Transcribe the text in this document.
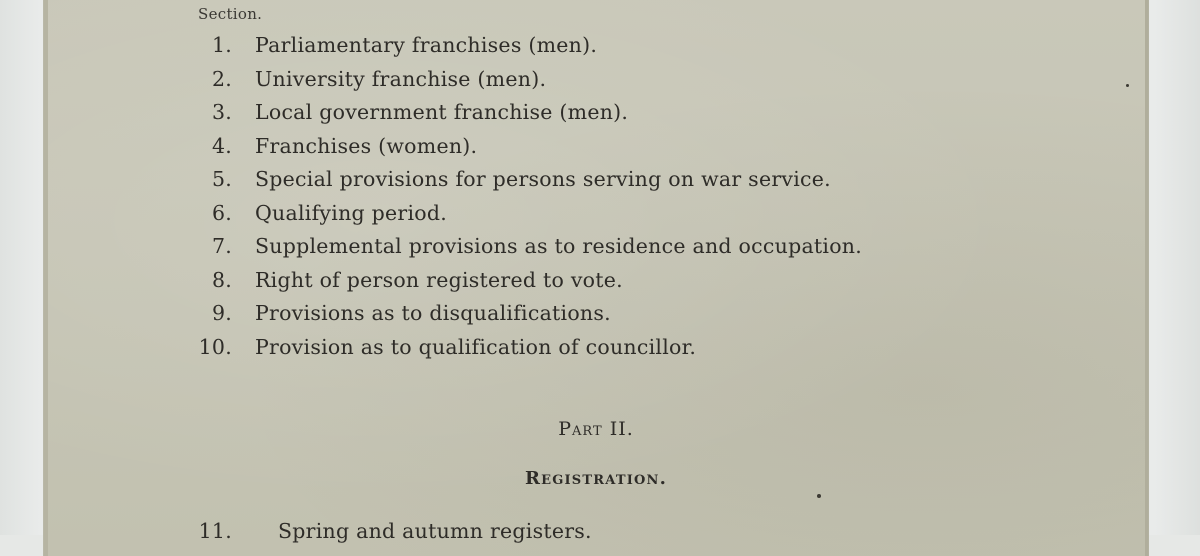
Section.
1. Parliamentary franchises (men).
2. University franchise (men).
3. Local government franchise (men).
4. Franchises (women).
5. Special provisions for persons serving on war service.
6. Qualifying period.
7. Supplemental provisions as to residence and occupation.
8. Right of person registered to vote.
9. Provisions as to disqualifications.
10. Provision as to qualification of councillor.
Part II.
Registration.
11. Spring and autumn registers.
